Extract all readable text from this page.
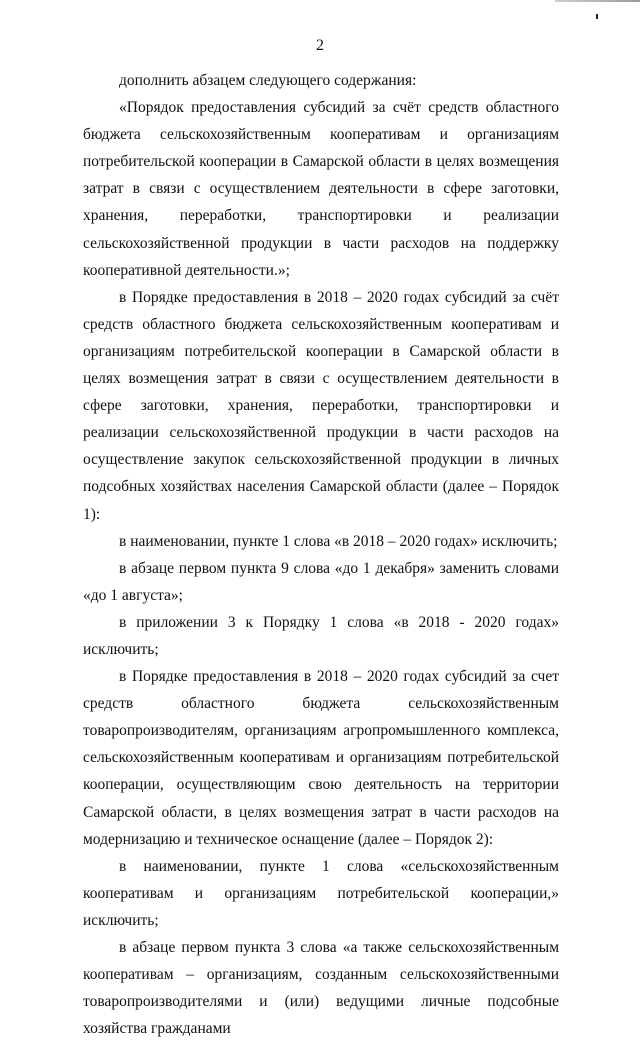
2

дополнить абзацем следующего содержания:

«Порядок предоставления субсидий за счёт средств областного бюджета сельскохозяйственным кооперативам и организациям потребительской кооперации в Самарской области в целях возмещения затрат в связи с осуществлением деятельности в сфере заготовки, хранения, переработки, транспортировки и реализации сельскохозяйственной продукции в части расходов на поддержку кооперативной деятельности.»;

в Порядке предоставления в 2018 – 2020 годах субсидий за счёт средств областного бюджета сельскохозяйственным кооперативам и организациям потребительской кооперации в Самарской области в целях возмещения затрат в связи с осуществлением деятельности в сфере заготовки, хранения, переработки, транспортировки и реализации сельскохозяйственной продукции в части расходов на осуществление закупок сельскохозяйственной продукции в личных подсобных хозяйствах населения Самарской области (далее – Порядок 1):

в наименовании, пункте 1 слова «в 2018 – 2020 годах» исключить;

в абзаце первом пункта 9 слова «до 1 декабря» заменить словами «до 1 августа»;

в приложении 3 к Порядку 1 слова «в 2018 - 2020 годах» исключить;

в Порядке предоставления в 2018 – 2020 годах субсидий за счет средств областного бюджета сельскохозяйственным товаропроизводителям, организациям агропромышленного комплекса, сельскохозяйственным кооперативам и организациям потребительской кооперации, осуществляющим свою деятельность на территории Самарской области, в целях возмещения затрат в части расходов на модернизацию и техническое оснащение (далее – Порядок 2):

в наименовании, пункте 1 слова «сельскохозяйственным кооперативам и организациям потребительской кооперации,» исключить;

в абзаце первом пункта 3 слова «а также сельскохозяйственным кооперативам – организациям, созданным сельскохозяйственными товаропроизводителями и (или) ведущими личные подсобные хозяйства гражданами
